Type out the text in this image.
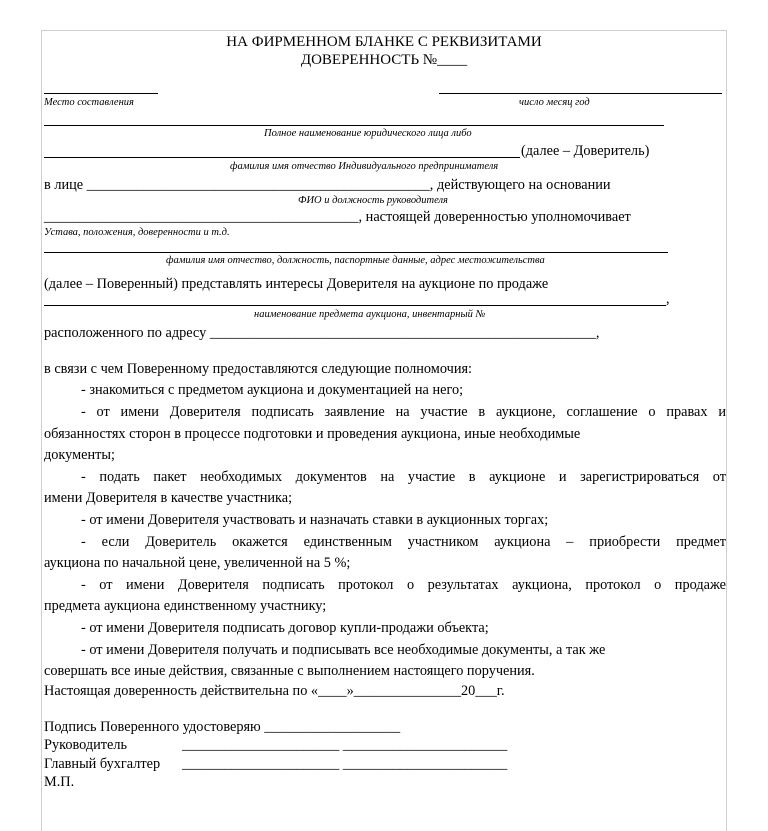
НА ФИРМЕННОМ БЛАНКЕ С РЕКВИЗИТАМИ
ДОВЕРЕННОСТЬ №____
Место составления	число месяц год
Полное наименование юридического лица либо
(далее – Доверитель)
фамилия имя отчество Индивидуального предпринимателя
в лице ________________________________________________, действующего на основании
ФИО и должность руководителя
____________________________________________, настоящей доверенностью уполномочивает
Устава, положения, доверенности и т.д.
фамилия имя отчество, должность, паспортные данные, адрес местожительства
(далее – Поверенный) представлять интересы Доверителя на аукционе по продаже
,
наименование предмета аукциона, инвентарный №
расположенного по адресу ______________________________________________________,
в связи с чем Поверенному предоставляются следующие полномочия:
- знакомиться с предметом аукциона и документацией на него;
- от имени Доверителя подписать заявление на участие в аукционе, соглашение о правах и
обязанностях сторон в процессе подготовки и проведения аукциона, иные необходимые
документы;
- подать пакет необходимых документов на участие в аукционе и зарегистрироваться от
имени Доверителя в качестве участника;
- от имени Доверителя участвовать и назначать ставки в аукционных торгах;
- если Доверитель окажется единственным участником аукциона – приобрести предмет
аукциона по начальной цене, увеличенной на 5 %;
- от имени Доверителя подписать протокол о результатах аукциона, протокол о продаже
предмета аукциона единственному участнику;
- от имени Доверителя подписать договор купли-продажи объекта;
- от имени Доверителя получать и подписывать все необходимые документы, а так же
совершать все иные действия, связанные с выполнением настоящего поручения.
Настоящая доверенность действительна по «____»_______________20___г.
Подпись Поверенного удостоверяю ___________________
Руководитель	______________________ _______________________
Главный бухгалтер ______________________ _______________________
М.П.
